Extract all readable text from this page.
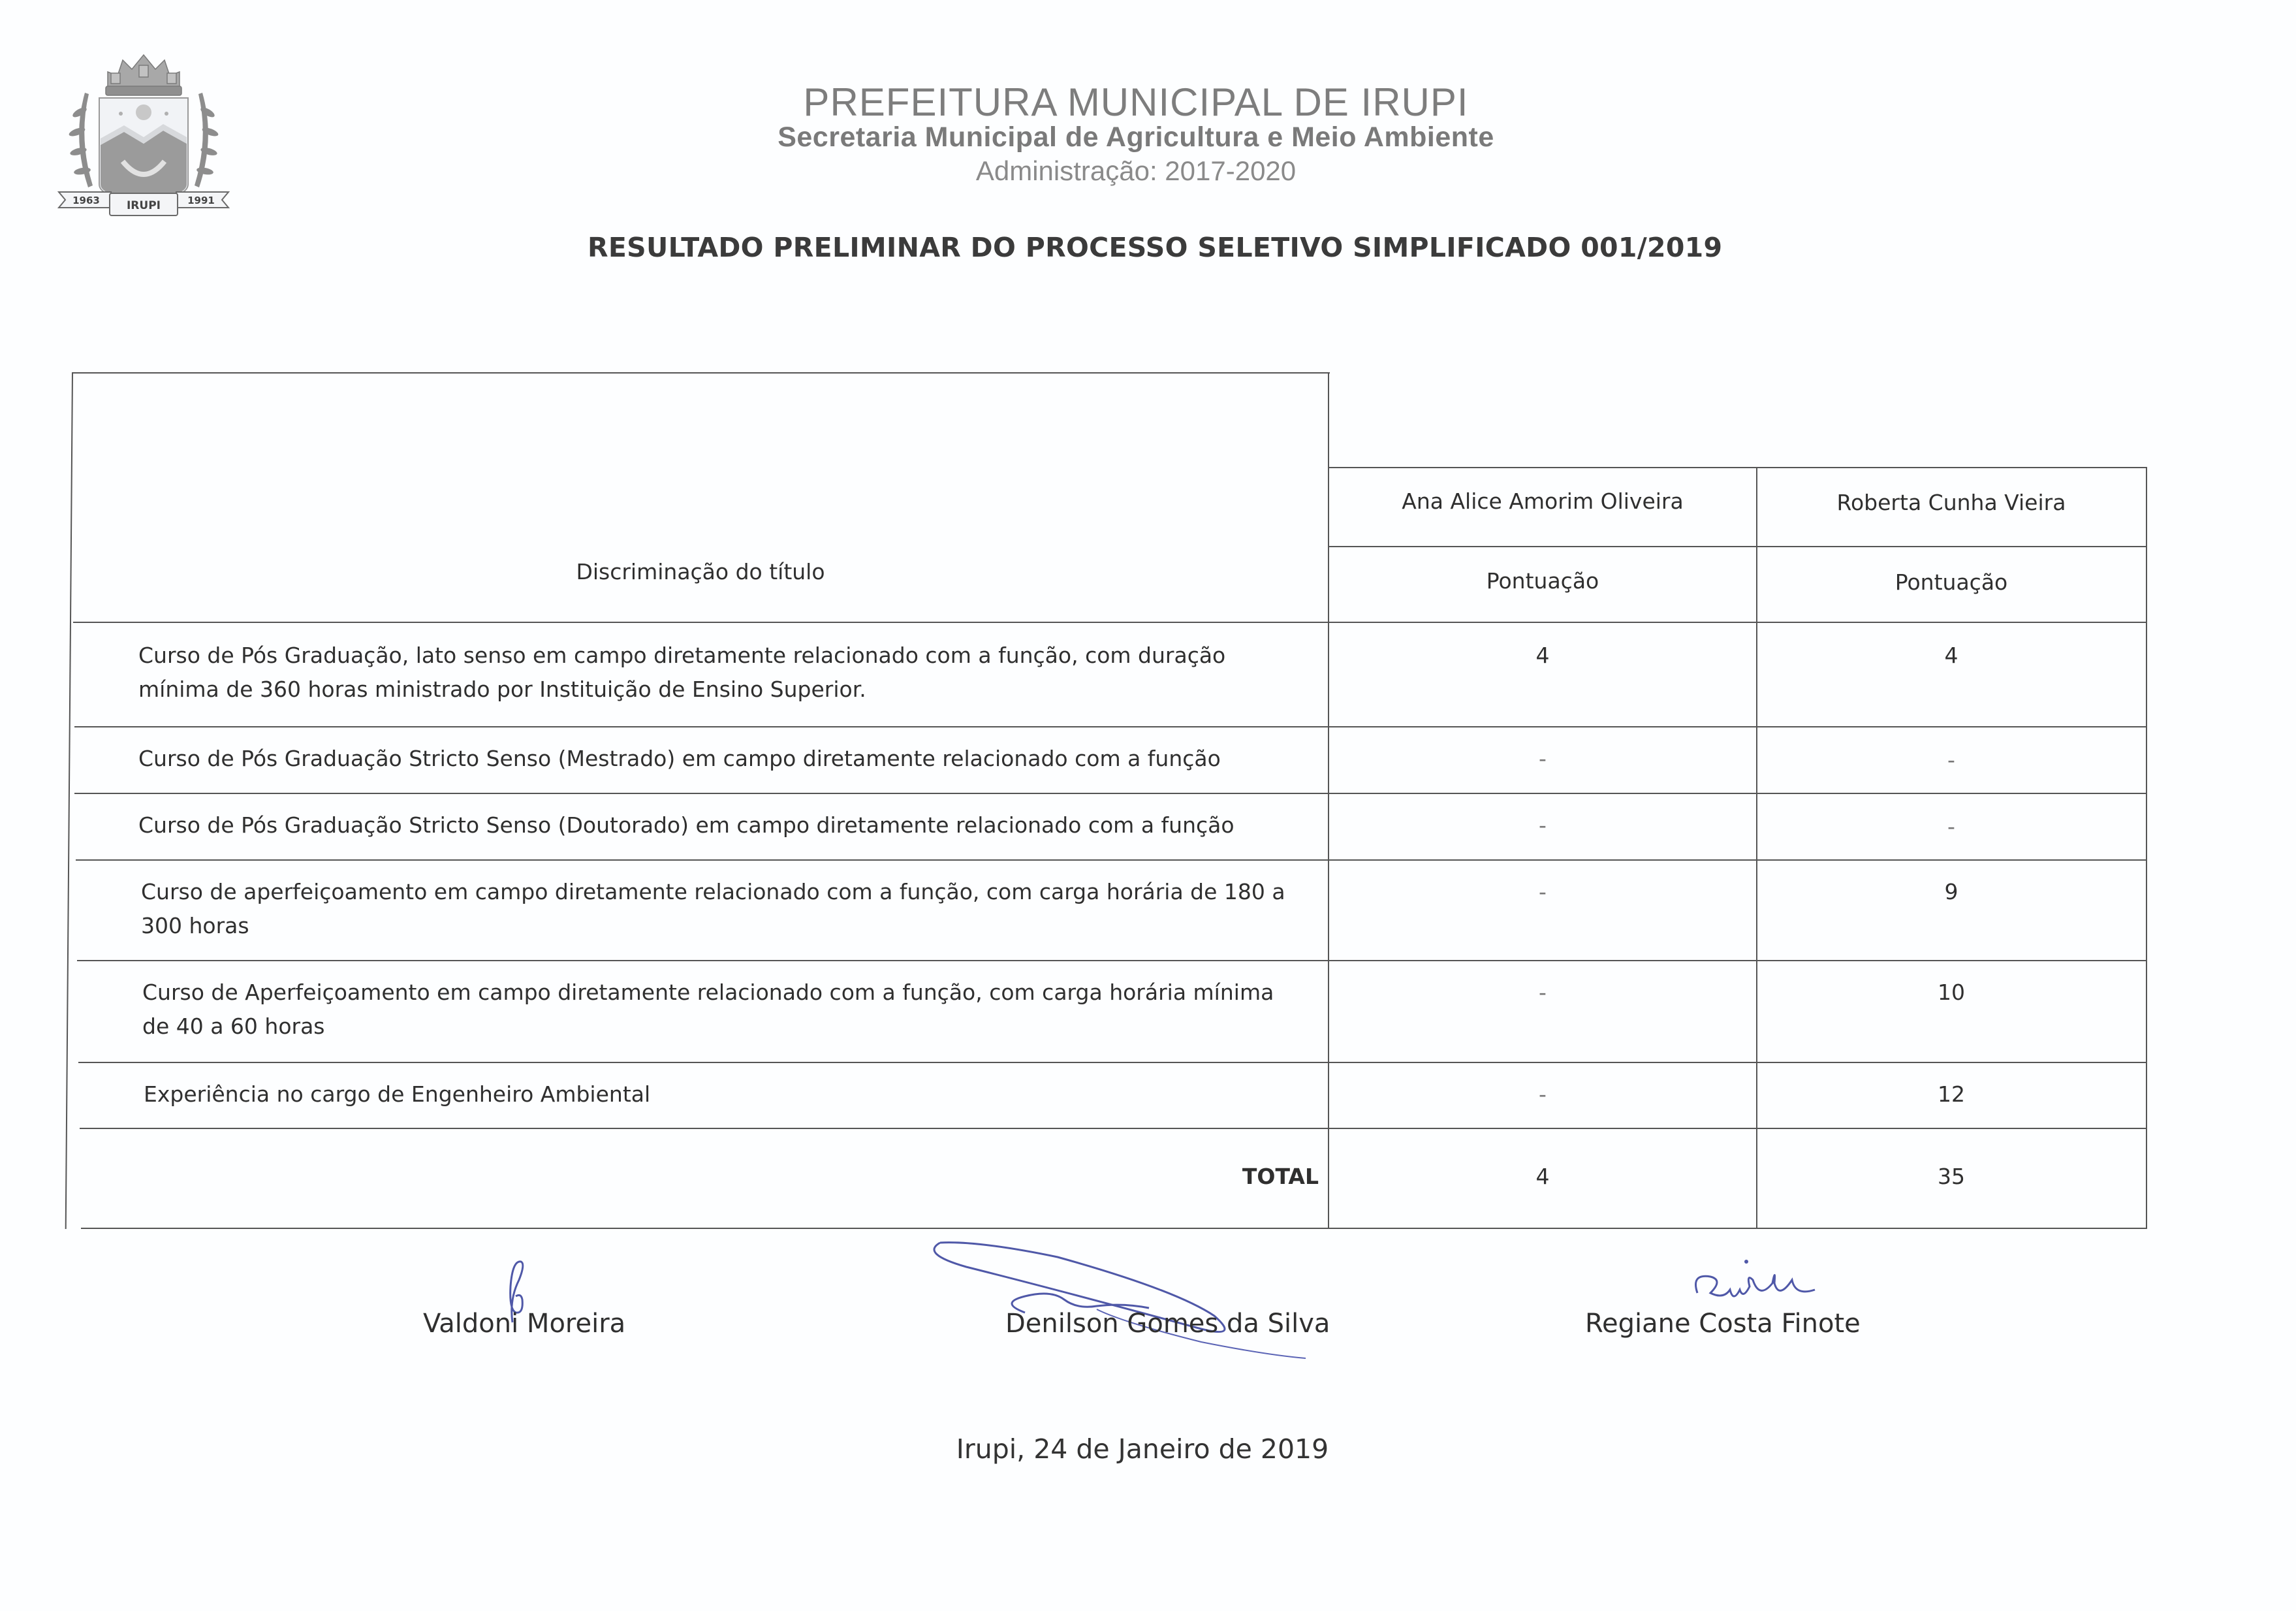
1963 IRUPI	1991
PREFEITURA MUNICIPAL DE IRUPI
Secretaria Municipal de Agricultura e Meio Ambiente
Administração: 2017-2020
RESULTADO PRELIMINAR DO PROCESSO SELETIVO SIMPLIFICADO 001/2019
Discriminação do título
Ana Alice Amorim Oliveira	Roberta Cunha Vieira
Pontuação	Pontuação
Curso de Pós Graduação, lato senso em campo diretamente relacionado com a função, com duração
mínima de 360 horas ministrado por Instituição de Ensino Superior.
4	4
Curso de Pós Graduação Stricto Senso (Mestrado) em campo diretamente relacionado com a função	-	-
Curso de Pós Graduação Stricto Senso (Doutorado) em campo diretamente relacionado com a função	-	-
Curso de aperfeiçoamento em campo diretamente relacionado com a função, com carga horária de 180 a
300 horas
-	9
Curso de Aperfeiçoamento em campo diretamente relacionado com a função, com carga horária mínima
de 40 a 60 horas
-	10
Experiência no cargo de Engenheiro Ambiental	-	12
TOTAL	4	35
Valdoni Moreira	Denilson Gomes da Silva	Regiane Costa Finote
Irupi, 24 de Janeiro de 2019
